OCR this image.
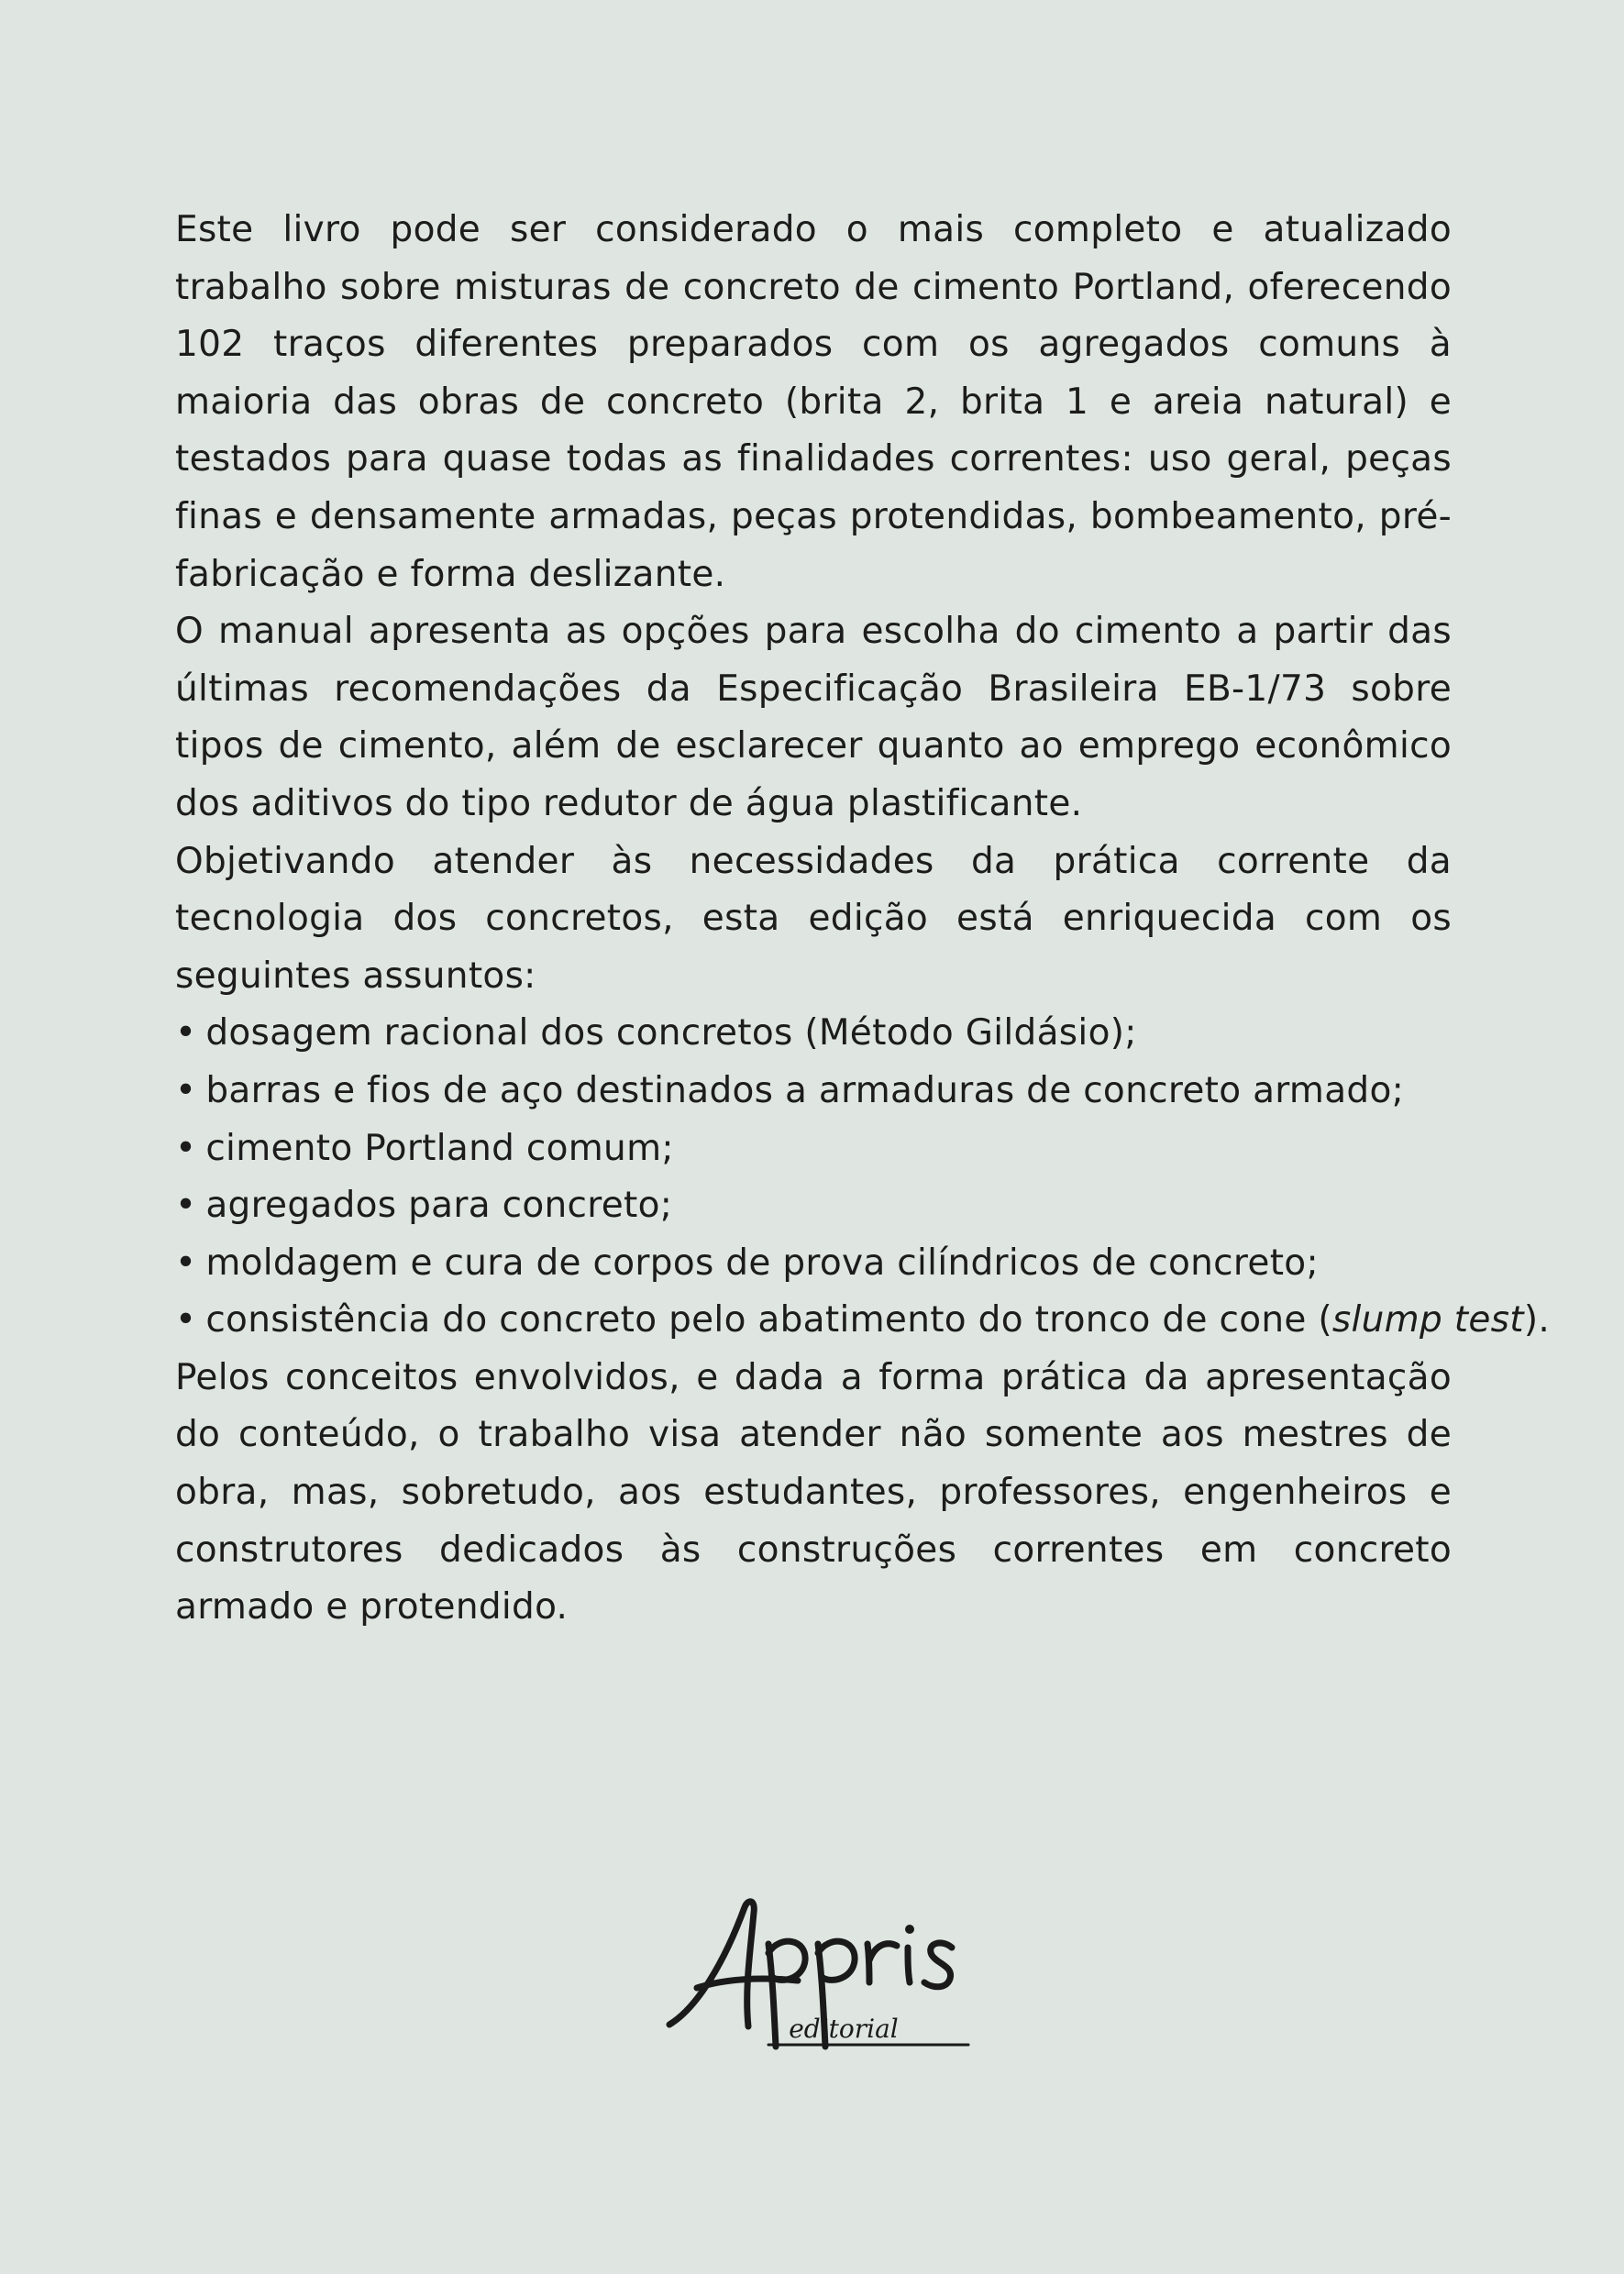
Este livro pode ser considerado o mais completo e atualizado trabalho sobre misturas de concreto de cimento Portland, oferecendo 102 traços diferentes preparados com os agregados comuns à maioria das obras de concreto (brita 2, brita 1 e areia natural) e testados para quase todas as finalidades correntes: uso geral, peças finas e densamente armadas, peças protendidas, bombeamento, pré-fabricação e forma deslizante.

O manual apresenta as opções para escolha do cimento a partir das últimas recomendações da Especificação Brasileira EB-1/73 sobre tipos de cimento, além de esclarecer quanto ao emprego econômico dos aditivos do tipo redutor de água plastificante.

Objetivando atender às necessidades da prática corrente da tecnologia dos concretos, esta edição está enriquecida com os seguintes assuntos:

• dosagem racional dos concretos (Método Gildásio);

• barras e fios de aço destinados a armaduras de concreto armado;

• cimento Portland comum;

• agregados para concreto;

• moldagem e cura de corpos de prova cilíndricos de concreto;

• consistência do concreto pelo abatimento do tronco de cone (slump test).

Pelos conceitos envolvidos, e dada a forma prática da apresentação do conteúdo, o trabalho visa atender não somente aos mestres de obra, mas, sobretudo, aos estudantes, professores, engenheiros e construtores dedicados às construções correntes em concreto armado e protendido.

editorial
